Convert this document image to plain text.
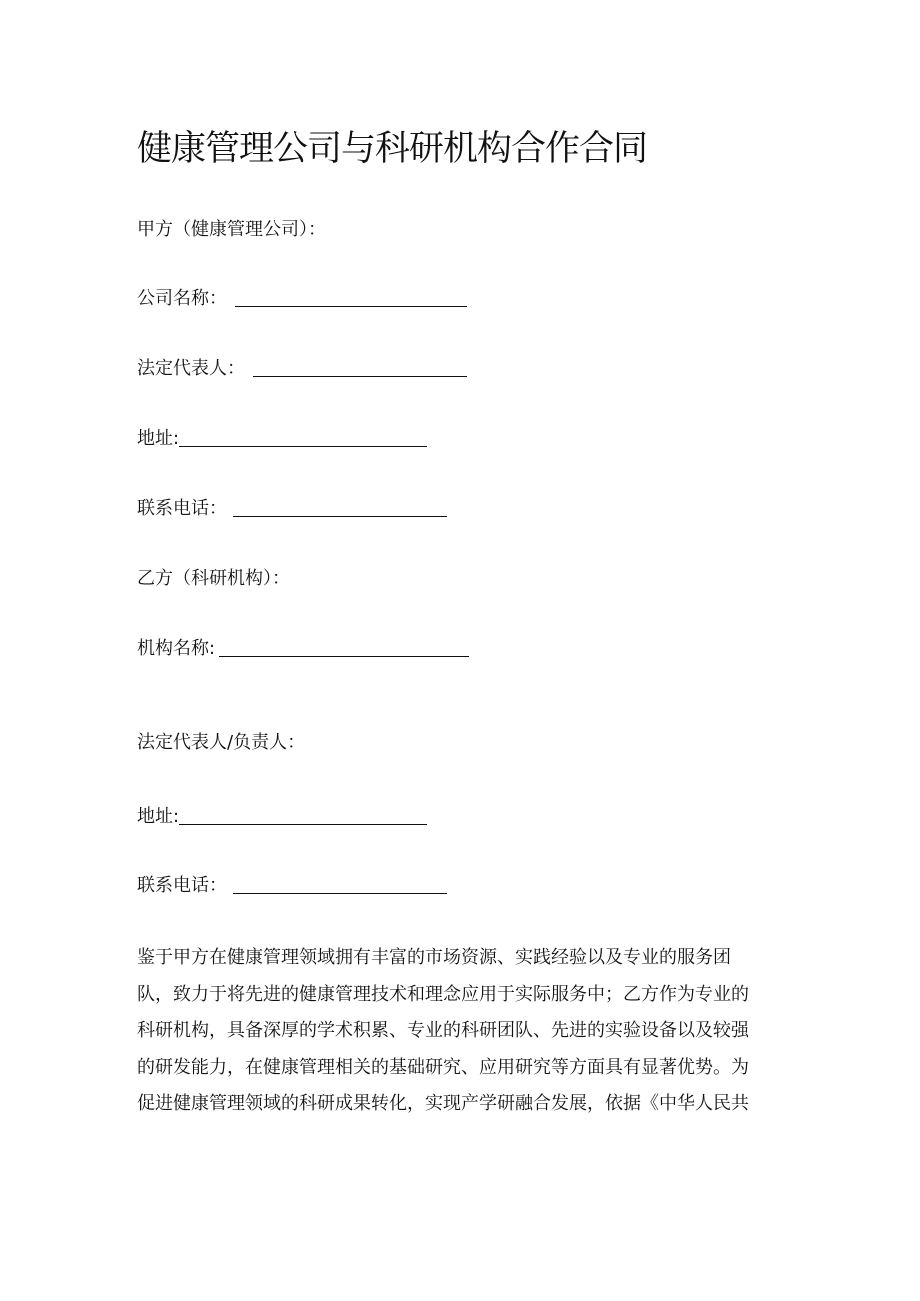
健康管理公司与科研机构合作合同
甲方（健康管理公司）：
公司名称：
法定代表人：
地址:
联系电话：
乙方（科研机构）：
机构名称:
法定代表人/负责人：
地址:
联系电话：
鉴于甲方在健康管理领域拥有丰富的市场资源、实践经验以及专业的服务团
队，致力于将先进的健康管理技术和理念应用于实际服务中；乙方作为专业的
科研机构，具备深厚的学术积累、专业的科研团队、先进的实验设备以及较强
的研发能力，在健康管理相关的基础研究、应用研究等方面具有显著优势。为
促进健康管理领域的科研成果转化，实现产学研融合发展，依据《中华人民共
